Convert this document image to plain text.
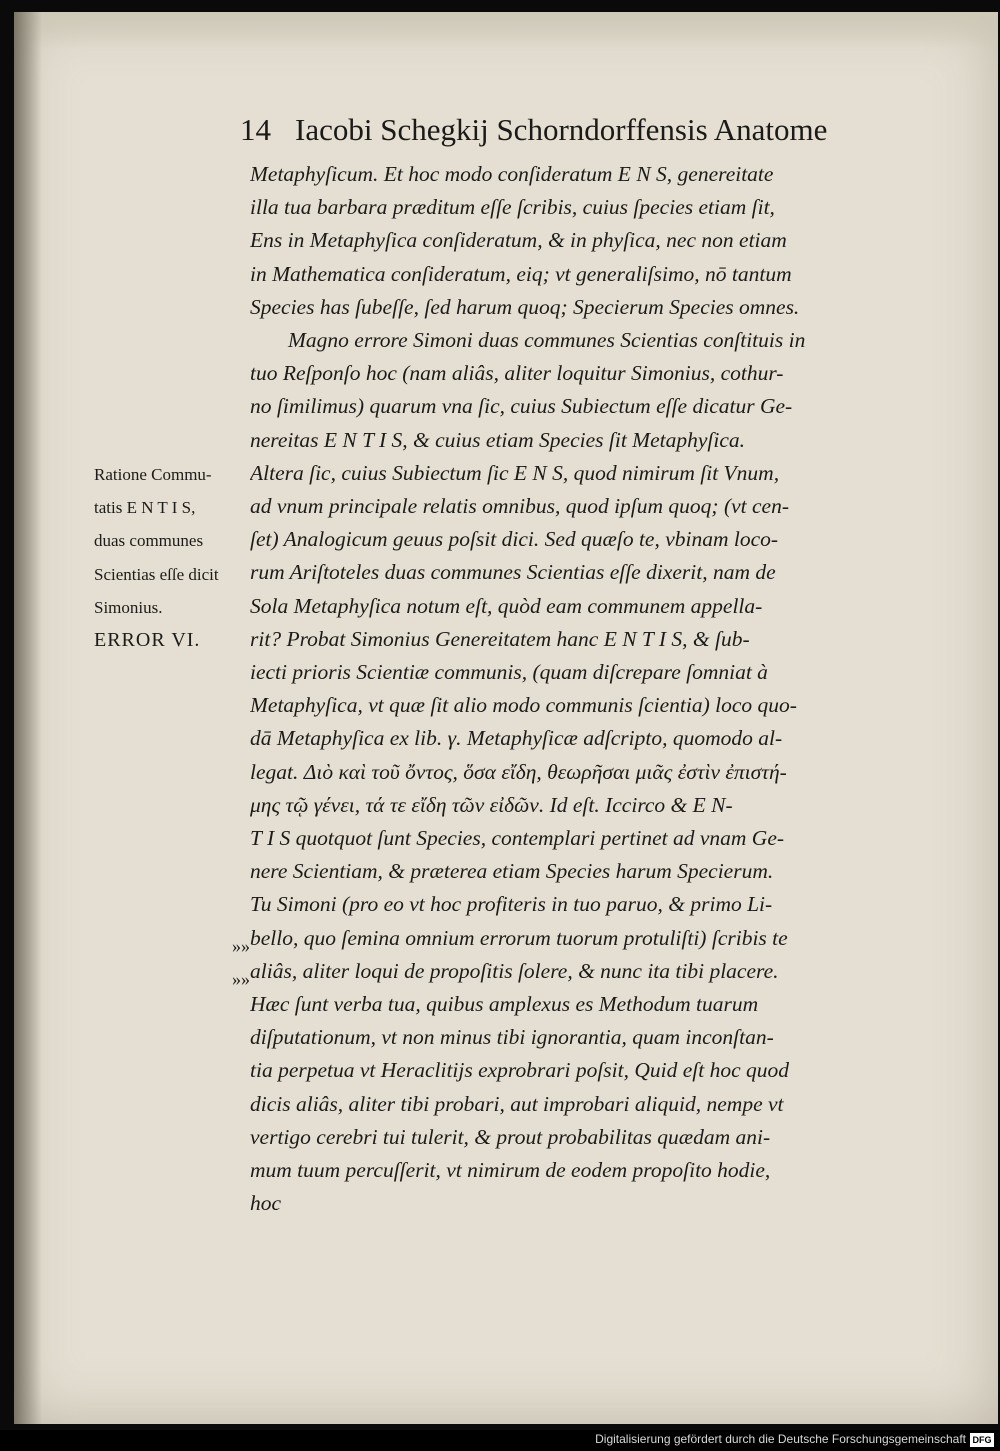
14 Iacobi Schegkij Schorndorffensis Anatome
Metaphyſicum. Et hoc modo conſideratum E N S, genereitate
illa tua barbara præditum eſſe ſcribis, cuius ſpecies etiam ſit,
Ens in Metaphyſica conſideratum, & in phyſica, nec non etiam
in Mathematica conſideratum, eiq; vt generaliſsimo, nō tantum
Species has ſubeſſe, ſed harum quoq; Specierum Species omnes.
Magno errore Simoni duas communes Scientias conſtituis in
tuo Reſponſo hoc (nam aliâs, aliter loquitur Simonius, cothur-
no ſimilimus) quarum vna ſic, cuius Subiectum eſſe dicatur Ge-
nereitas E N T I S, & cuius etiam Species ſit Metaphyſica.
Altera ſic, cuius Subiectum ſic E N S, quod nimirum ſit Vnum,
ad vnum principale relatis omnibus, quod ipſum quoq; (vt cen-
ſet) Analogicum geuus poſsit dici. Sed quæſo te, vbinam loco-
rum Ariſtoteles duas communes Scientias eſſe dixerit, nam de
Sola Metaphyſica notum eſt, quòd eam communem appella-
rit? Probat Simonius Genereitatem hanc E N T I S, & ſub-
iecti prioris Scientiæ communis, (quam diſcrepare ſomniat à
Metaphyſica, vt quæ ſit alio modo communis ſcientia) loco quo-
dā Metaphyſica ex lib. γ. Metaphyſicæ adſcripto, quomodo al-
legat. Διὸ καὶ τοῦ ὄντος, ὅσα εἴδη, θεωρῆσαι μιᾶς ἐστὶν ἐπιστή-
μης τῷ γένει, τά τε εἴδη τῶν εἰδῶν. Id eſt. Iccirco & E N-
T I S quotquot ſunt Species, contemplari pertinet ad vnam Ge-
nere Scientiam, & præterea etiam Species harum Specierum.
Tu Simoni (pro eo vt hoc profiteris in tuo paruo, & primo Li-
bello, quo ſemina omnium errorum tuorum protuliſti) ſcribis te
aliâs, aliter loqui de propoſitis ſolere, & nunc ita tibi placere.
Hæc ſunt verba tua, quibus amplexus es Methodum tuarum
diſputationum, vt non minus tibi ignorantia, quam inconſtan-
tia perpetua vt Heraclitijs exprobrari poſsit, Quid eſt hoc quod
dicis aliâs, aliter tibi probari, aut improbari aliquid, nempe vt
vertigo cerebri tui tulerit, & prout probabilitas quædam ani-
mum tuum percuſſerit, vt nimirum de eodem propoſito hodie,
hoc
Ratione Commu-
tatis E N T I S,
duas communes
Scientias eſſe dicit
Simonius.
ERROR VI.
»»
»»
Digitalisierung gefördert durch die Deutsche Forschungsgemeinschaft DFG
